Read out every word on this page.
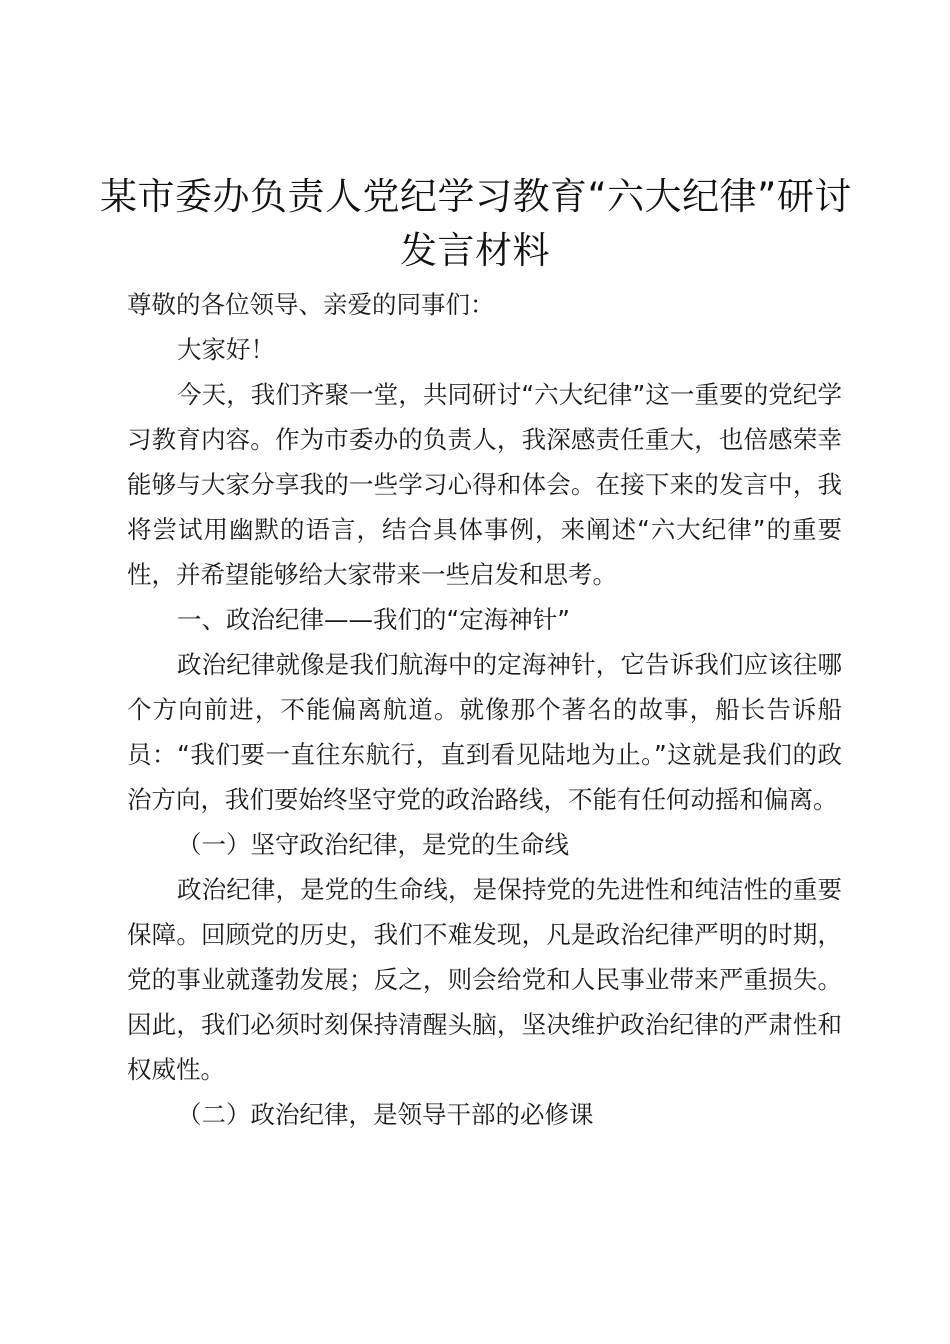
某市委办负责人党纪学习教育“六大纪律”研讨
发言材料

尊敬的各位领导、亲爱的同事们：

大家好！

今天，我们齐聚一堂，共同研讨“六大纪律”这一重要的党纪学习教育内容。作为市委办的负责人，我深感责任重大，也倍感荣幸能够与大家分享我的一些学习心得和体会。在接下来的发言中，我将尝试用幽默的语言，结合具体事例，来阐述“六大纪律”的重要性，并希望能够给大家带来一些启发和思考。

一、政治纪律——我们的“定海神针”

政治纪律就像是我们航海中的定海神针，它告诉我们应该往哪个方向前进，不能偏离航道。就像那个著名的故事，船长告诉船员：“我们要一直往东航行，直到看见陆地为止。”这就是我们的政治方向，我们要始终坚守党的政治路线，不能有任何动摇和偏离。

（一）坚守政治纪律，是党的生命线

政治纪律，是党的生命线，是保持党的先进性和纯洁性的重要保障。回顾党的历史，我们不难发现，凡是政治纪律严明的时期，党的事业就蓬勃发展；反之，则会给党和人民事业带来严重损失。因此，我们必须时刻保持清醒头脑，坚决维护政治纪律的严肃性和权威性。

（二）政治纪律，是领导干部的必修课
